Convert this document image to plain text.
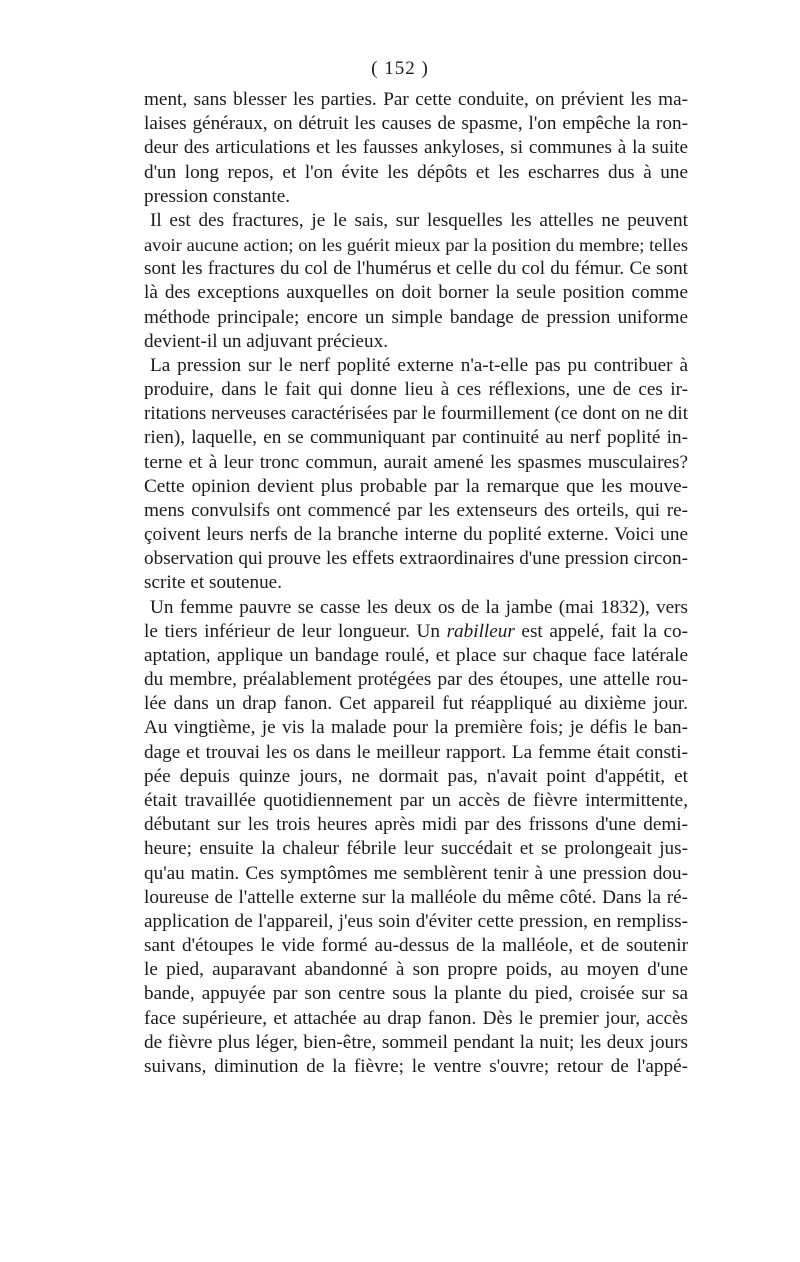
( 152 )
ment, sans blesser les parties. Par cette conduite, on prévient les ma-
laises généraux, on détruit les causes de spasme, l'on empêche la ron-
deur des articulations et les fausses ankyloses, si communes à la suite
d'un long repos, et l'on évite les dépôts et les escharres dus à une
pression constante.
Il est des fractures, je le sais, sur lesquelles les attelles ne peuvent
avoir aucune action; on les guérit mieux par la position du membre; telles
sont les fractures du col de l'humérus et celle du col du fémur. Ce sont
là des exceptions auxquelles on doit borner la seule position comme
méthode principale; encore un simple bandage de pression uniforme
devient-il un adjuvant précieux.
La pression sur le nerf poplité externe n'a-t-elle pas pu contribuer à
produire, dans le fait qui donne lieu à ces réflexions, une de ces ir-
ritations nerveuses caractérisées par le fourmillement (ce dont on ne dit
rien), laquelle, en se communiquant par continuité au nerf poplité in-
terne et à leur tronc commun, aurait amené les spasmes musculaires?
Cette opinion devient plus probable par la remarque que les mouve-
mens convulsifs ont commencé par les extenseurs des orteils, qui re-
çoivent leurs nerfs de la branche interne du poplité externe. Voici une
observation qui prouve les effets extraordinaires d'une pression circon-
scrite et soutenue.
Un femme pauvre se casse les deux os de la jambe (mai 1832), vers
le tiers inférieur de leur longueur. Un rabilleur est appelé, fait la co-
aptation, applique un bandage roulé, et place sur chaque face latérale
du membre, préalablement protégées par des étoupes, une attelle rou-
lée dans un drap fanon. Cet appareil fut réappliqué au dixième jour.
Au vingtième, je vis la malade pour la première fois; je défis le ban-
dage et trouvai les os dans le meilleur rapport. La femme était consti-
pée depuis quinze jours, ne dormait pas, n'avait point d'appétit, et
était travaillée quotidiennement par un accès de fièvre intermittente,
débutant sur les trois heures après midi par des frissons d'une demi-
heure; ensuite la chaleur fébrile leur succédait et se prolongeait jus-
qu'au matin. Ces symptômes me semblèrent tenir à une pression dou-
loureuse de l'attelle externe sur la malléole du même côté. Dans la ré-
application de l'appareil, j'eus soin d'éviter cette pression, en rempliss-
sant d'étoupes le vide formé au-dessus de la malléole, et de soutenir
le pied, auparavant abandonné à son propre poids, au moyen d'une
bande, appuyée par son centre sous la plante du pied, croisée sur sa
face supérieure, et attachée au drap fanon. Dès le premier jour, accès
de fièvre plus léger, bien-être, sommeil pendant la nuit; les deux jours
suivans, diminution de la fièvre; le ventre s'ouvre; retour de l'appé-
